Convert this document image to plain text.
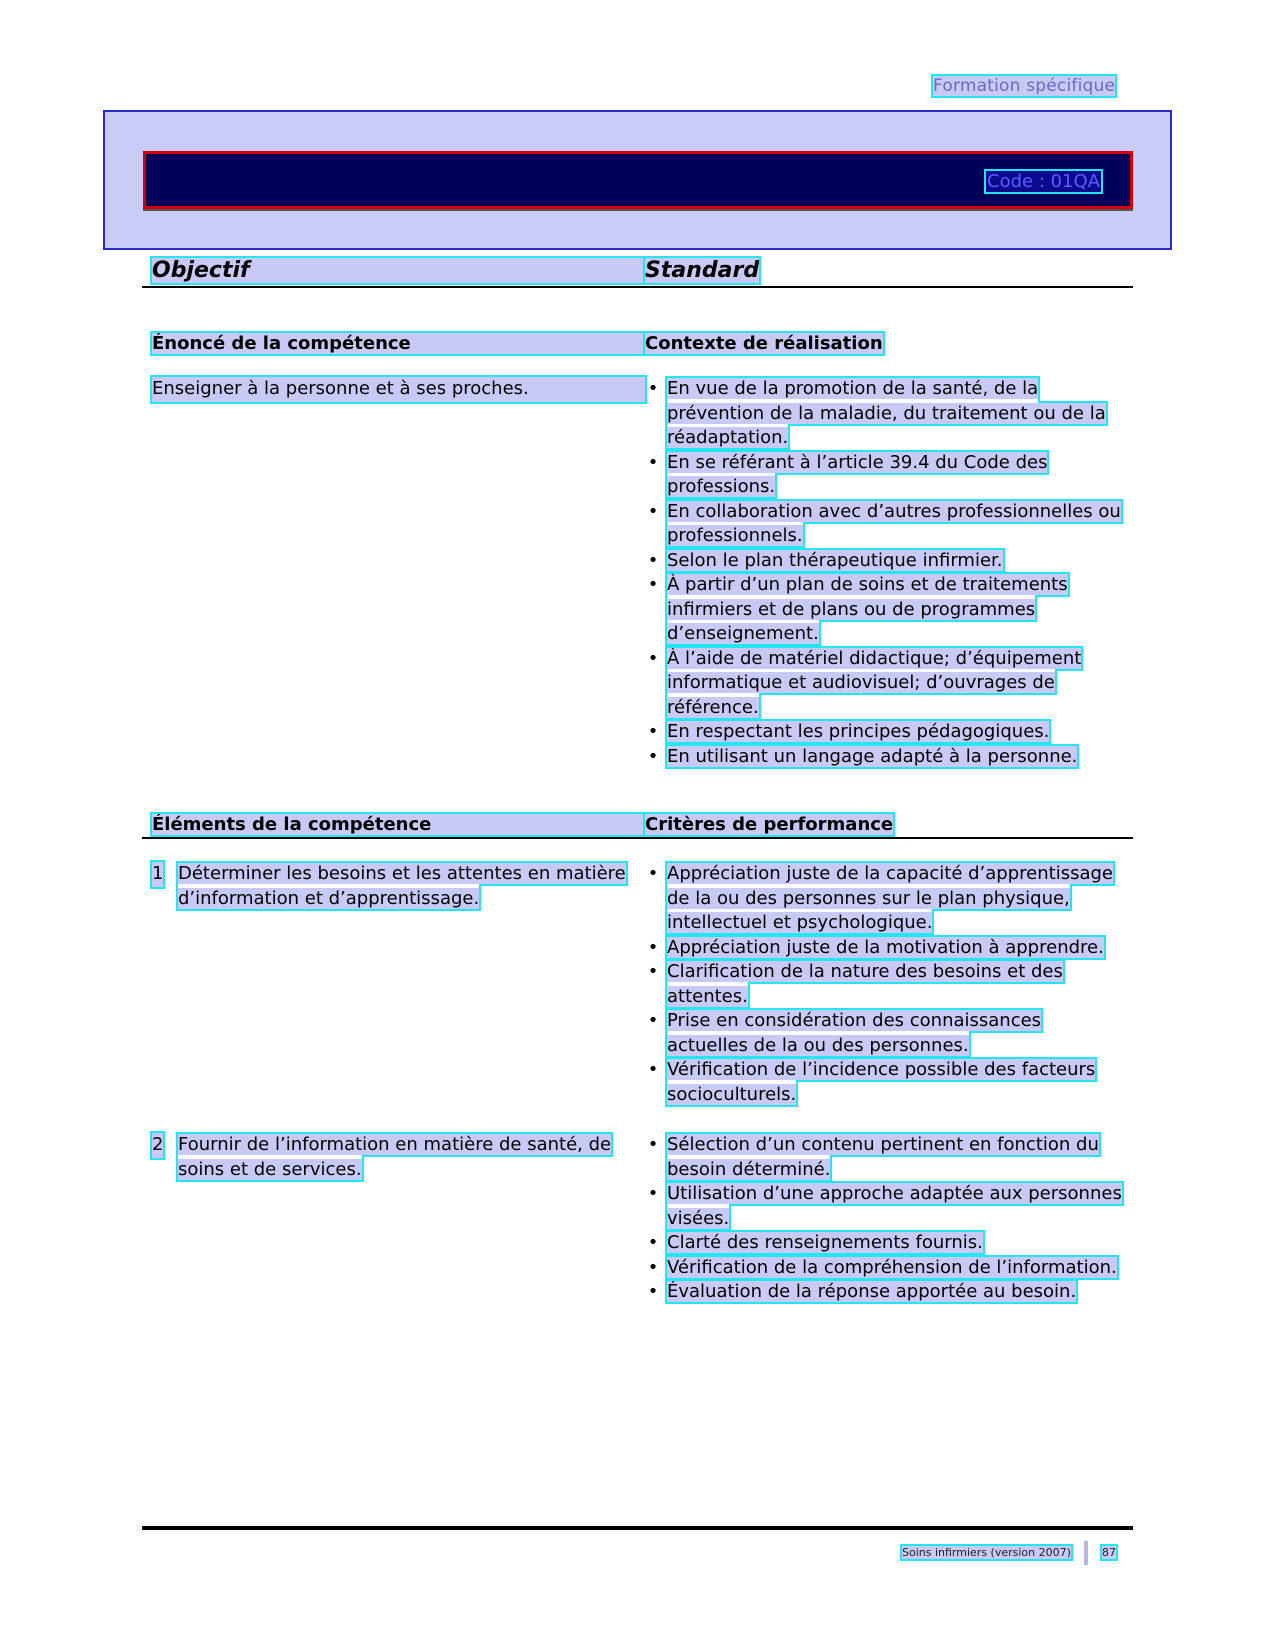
Formation spécifique
Code : 01QA
Objectif	Standard
Énoncé de la compétence	Contexte de réalisation
Enseigner à la personne et à ses proches.	• En vue de la promotion de la santé, de la prévention de la maladie, du traitement ou de la réadaptation.
• En se référant à l’article 39.4 du Code des professions.
• En collaboration avec d’autres professionnelles ou professionnels.
• Selon le plan thérapeutique infirmier.
• À partir d’un plan de soins et de traitements infirmiers et de plans ou de programmes d’enseignement.
• À l’aide de matériel didactique; d’équipement informatique et audiovisuel; d’ouvrages de référence.
• En respectant les principes pédagogiques.
• En utilisant un langage adapté à la personne.
Éléments de la compétence	Critères de performance
1 Déterminer les besoins et les attentes en matière d’information et d’apprentissage.
• Appréciation juste de la capacité d’apprentissage de la ou des personnes sur le plan physique, intellectuel et psychologique.
• Appréciation juste de la motivation à apprendre.
• Clarification de la nature des besoins et des attentes.
• Prise en considération des connaissances actuelles de la ou des personnes.
• Vérification de l’incidence possible des facteurs socioculturels.
2 Fournir de l’information en matière de santé, de soins et de services.
• Sélection d’un contenu pertinent en fonction du besoin déterminé.
• Utilisation d’une approche adaptée aux personnes visées.
• Clarté des renseignements fournis.
• Vérification de la compréhension de l’information.
• Évaluation de la réponse apportée au besoin.
Soins infirmiers (version 2007)	87
